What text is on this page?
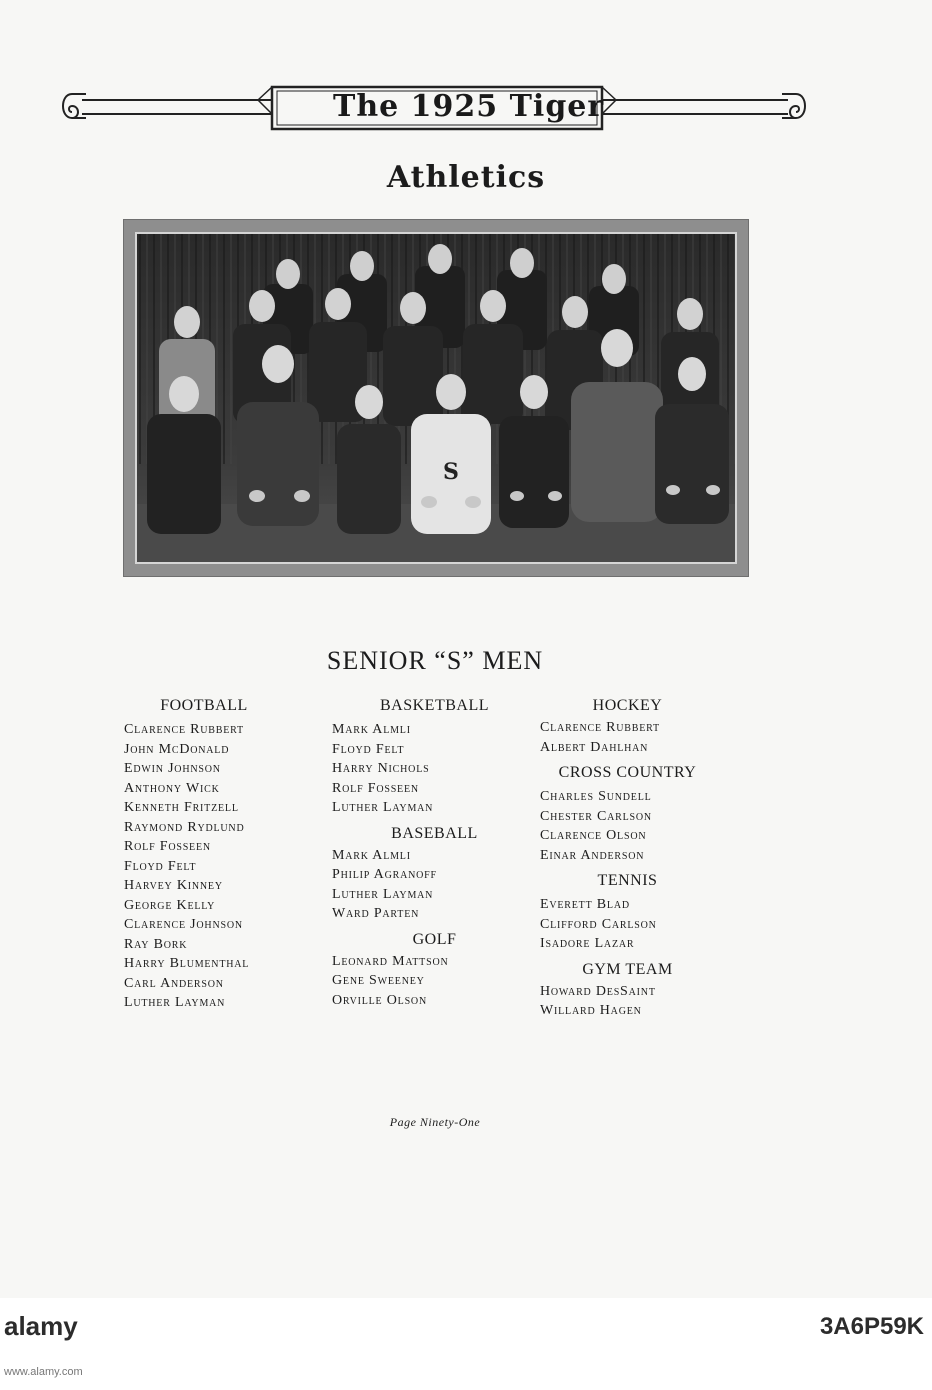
The 1925 Tiger
Athletics
S
SENIOR “S” MEN
FOOTBALL
Clarence Rubbert
John McDonald
Edwin Johnson
Anthony Wick
Kenneth Fritzell
Raymond Rydlund
Rolf Fosseen
Floyd Felt
Harvey Kinney
George Kelly
Clarence Johnson
Ray Bork
Harry Blumenthal
Carl Anderson
Luther Layman
BASKETBALL
Mark Almli
Floyd Felt
Harry Nichols
Rolf Fosseen
Luther Layman
BASEBALL
Mark Almli
Philip Agranoff
Luther Layman
Ward Parten
GOLF
Leonard Mattson
Gene Sweeney
Orville Olson
HOCKEY
Clarence Rubbert
Albert Dahlhan
CROSS COUNTRY
Charles Sundell
Chester Carlson
Clarence Olson
Einar Anderson
TENNIS
Everett Blad
Clifford Carlson
Isadore Lazar
GYM TEAM
Howard DesSaint
Willard Hagen
Page Ninety-One
alamy	3A6P59K
www.alamy.com
